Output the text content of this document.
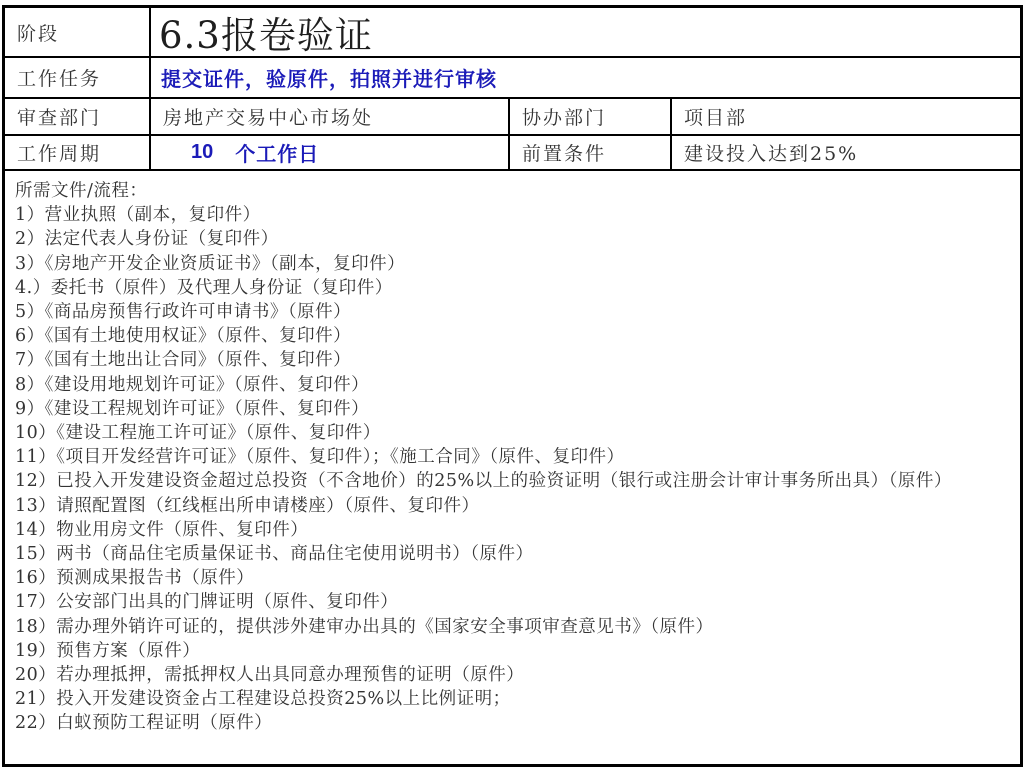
阶段	6.3报卷验证
工作任务	提交证件，验原件，拍照并进行审核
审查部门	房地产交易中心市场处	协办部门	项目部
工作周期	10 个工作日	前置条件	建设投入达到25%
所需文件/流程：
1）营业执照（副本，复印件）
2）法定代表人身份证（复印件）
3）《房地产开发企业资质证书》（副本，复印件）
4.）委托书（原件）及代理人身份证（复印件）
5）《商品房预售行政许可申请书》（原件）
6）《国有土地使用权证》（原件、复印件）
7）《国有土地出让合同》（原件、复印件）
8）《建设用地规划许可证》（原件、复印件）
9）《建设工程规划许可证》（原件、复印件）
10）《建设工程施工许可证》（原件、复印件）
11）《项目开发经营许可证》（原件、复印件）；《施工合同》（原件、复印件）
12）已投入开发建设资金超过总投资（不含地价）的25%以上的验资证明（银行或注册会计审计事务所出具）（原件）
13）请照配置图（红线框出所申请楼座）（原件、复印件）
14）物业用房文件（原件、复印件）
15）两书（商品住宅质量保证书、商品住宅使用说明书）（原件）
16）预测成果报告书（原件）
17）公安部门出具的门牌证明（原件、复印件）
18）需办理外销许可证的，提供涉外建审办出具的《国家安全事项审查意见书》（原件）
19）预售方案（原件）
20）若办理抵押，需抵押权人出具同意办理预售的证明（原件）
21）投入开发建设资金占工程建设总投资25%以上比例证明；
22）白蚁预防工程证明（原件）
